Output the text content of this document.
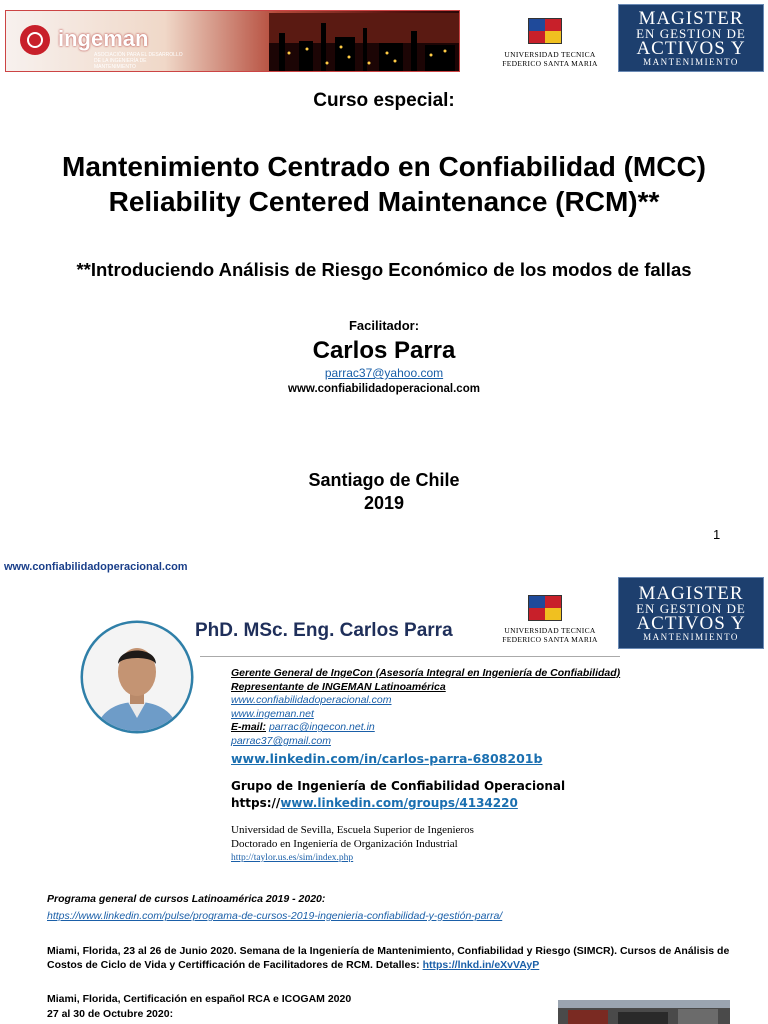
ingeman
ASOCIACIÓN PARA EL DESARROLLO DE LA INGENIERÍA DE MANTENIMIENTO
UNIVERSIDAD TECNICA
FEDERICO SANTA MARIA
MAGISTER
EN GESTION DE
ACTIVOS Y
MANTENIMIENTO
Curso especial:
Mantenimiento Centrado en Confiabilidad (MCC)
Reliability Centered Maintenance (RCM)**
**Introduciendo Análisis de Riesgo Económico de los modos de fallas
Facilitador:
Carlos Parra
parrac37@yahoo.com
www.confiabilidadoperacional.com
Santiago de Chile
2019
1
www.confiabilidadoperacional.com
UNIVERSIDAD TECNICA
FEDERICO SANTA MARIA
MAGISTER
EN GESTION DE
ACTIVOS Y
MANTENIMIENTO
PhD. MSc. Eng. Carlos Parra
Gerente General de IngeCon (Asesoría Integral en Ingeniería de Confiabilidad)
Representante de INGEMAN Latinoamérica
www.confiabilidadoperacional.com
www.ingeman.net
E-mail: parrac@ingecon.net.in
parrac37@gmail.com
www.linkedin.com/in/carlos-parra-6808201b
Grupo de Ingeniería de Confiabilidad Operacional
https://www.linkedin.com/groups/4134220
Universidad de Sevilla, Escuela Superior de Ingenieros
Doctorado en Ingeniería de Organización Industrial
http://taylor.us.es/sim/index.php
Programa general de cursos Latinoamérica 2019 - 2020:
https://www.linkedin.com/pulse/programa-de-cursos-2019-ingenieria-confiabilidad-y-gestión-parra/
Miami, Florida, 23 al 26 de Junio 2020. Semana de la Ingeniería de Mantenimiento, Confiabilidad y Riesgo (SIMCR). Cursos de Análisis de Costos de Ciclo de Vida y Certifficación de Facilitadores de RCM. Detalles: https://lnkd.in/eXvVAyP
Miami, Florida, Certificación en español RCA e ICOGAM 2020
27 al 30 de Octubre 2020:
